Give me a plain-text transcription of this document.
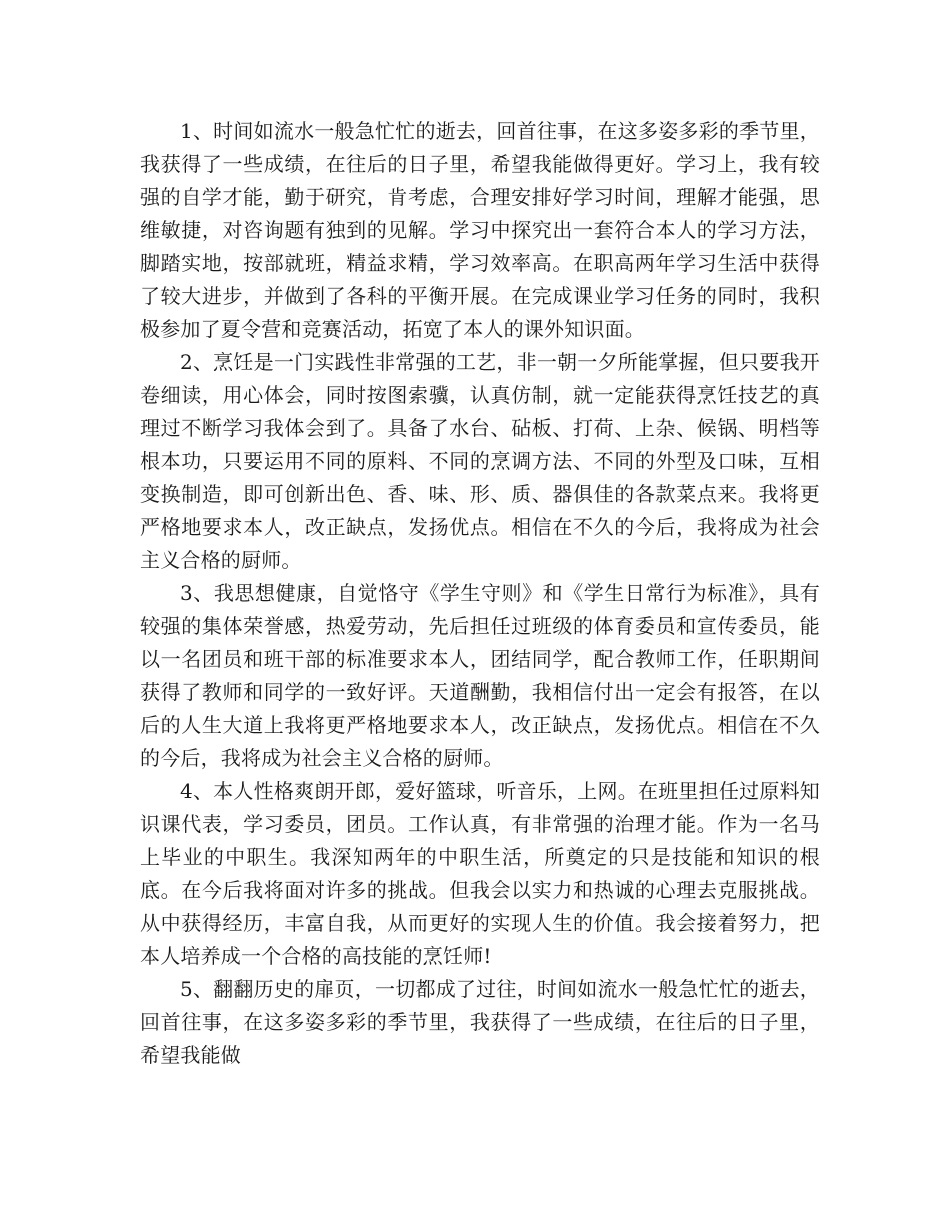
1、时间如流水一般急忙忙的逝去，回首往事，在这多姿多彩的季节里，我获得了一些成绩，在往后的日子里，希望我能做得更好。学习上，我有较强的自学才能，勤于研究，肯考虑，合理安排好学习时间，理解才能强，思维敏捷，对咨询题有独到的见解。学习中探究出一套符合本人的学习方法，脚踏实地，按部就班，精益求精，学习效率高。在职高两年学习生活中获得了较大进步，并做到了各科的平衡开展。在完成课业学习任务的同时，我积极参加了夏令营和竞赛活动，拓宽了本人的课外知识面。

2、烹饪是一门实践性非常强的工艺，非一朝一夕所能掌握，但只要我开卷细读，用心体会，同时按图索骥，认真仿制，就一定能获得烹饪技艺的真理过不断学习我体会到了。具备了水台、砧板、打荷、上杂、候锅、明档等根本功，只要运用不同的原料、不同的烹调方法、不同的外型及口味，互相变换制造，即可创新出色、香、味、形、质、器俱佳的各款菜点来。我将更严格地要求本人，改正缺点，发扬优点。相信在不久的今后，我将成为社会主义合格的厨师。

3、我思想健康，自觉恪守《学生守则》和《学生日常行为标准》，具有较强的集体荣誉感，热爱劳动，先后担任过班级的体育委员和宣传委员，能以一名团员和班干部的标准要求本人，团结同学，配合教师工作，任职期间获得了教师和同学的一致好评。天道酬勤，我相信付出一定会有报答，在以后的人生大道上我将更严格地要求本人，改正缺点，发扬优点。相信在不久的今后，我将成为社会主义合格的厨师。

4、本人性格爽朗开郎，爱好篮球，听音乐，上网。在班里担任过原料知识课代表，学习委员，团员。工作认真，有非常强的治理才能。作为一名马上毕业的中职生。我深知两年的中职生活，所奠定的只是技能和知识的根底。在今后我将面对许多的挑战。但我会以实力和热诚的心理去克服挑战。从中获得经历，丰富自我，从而更好的实现人生的价值。我会接着努力，把本人培养成一个合格的高技能的烹饪师!

5、翻翻历史的扉页，一切都成了过往，时间如流水一般急忙忙的逝去，回首往事，在这多姿多彩的季节里，我获得了一些成绩，在往后的日子里，希望我能做
